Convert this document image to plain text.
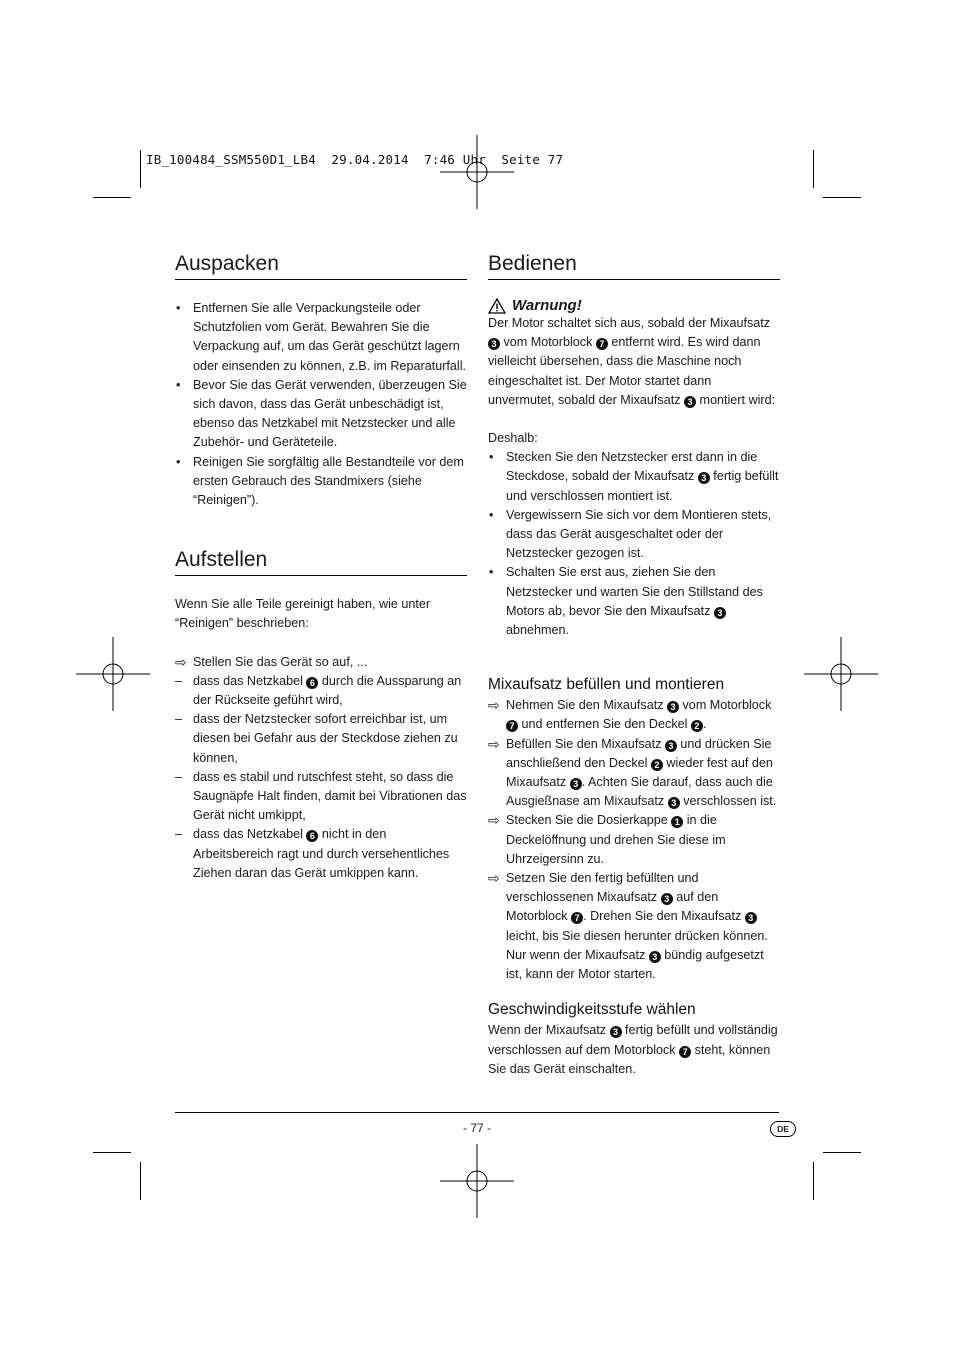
IB_100484_SSM550D1_LB4  29.04.2014  7:46 Uhr  Seite 77
Auspacken
• Entfernen Sie alle Verpackungsteile oder Schutzfolien vom Gerät. Bewahren Sie die Verpackung auf, um das Gerät geschützt lagern oder einsenden zu können, z.B. im Reparaturfall.
• Bevor Sie das Gerät verwenden, überzeugen Sie sich davon, dass das Gerät unbeschädigt ist, ebenso das Netzkabel mit Netzstecker und alle Zubehör- und Geräteteile.
• Reinigen Sie sorgfältig alle Bestandteile vor dem ersten Gebrauch des Standmixers (siehe “Reinigen”).
Aufstellen

Wenn Sie alle Teile gereinigt haben, wie unter “Reinigen” beschrieben:

⇨ Stellen Sie das Gerät so auf, ...

– dass das Netzkabel 6 durch die Aussparung an der Rückseite geführt wird,
– dass der Netzstecker sofort erreichbar ist, um diesen bei Gefahr aus der Steckdose ziehen zu können,
– dass es stabil und rutschfest steht, so dass die Saugnäpfe Halt finden, damit bei Vibrationen das Gerät nicht umkippt,
– dass das Netzkabel 6 nicht in den Arbeitsbereich ragt und durch versehentliches Ziehen daran das Gerät umkippen kann.
Bedienen
Warnung!

Der Motor schaltet sich aus, sobald der Mixaufsatz 3 vom Motorblock 7 entfernt wird. Es wird dann vielleicht übersehen, dass die Maschine noch eingeschaltet ist. Der Motor startet dann unvermutet, sobald der Mixaufsatz 3 montiert wird:

Deshalb:

• Stecken Sie den Netzstecker erst dann in die Steckdose, sobald der Mixaufsatz 3 fertig befüllt und verschlossen montiert ist.
• Vergewissern Sie sich vor dem Montieren stets, dass das Gerät ausgeschaltet oder der Netzstecker gezogen ist.
• Schalten Sie erst aus, ziehen Sie den Netzstecker und warten Sie den Stillstand des Motors ab, bevor Sie den Mixaufsatz 3 abnehmen.
Mixaufsatz befüllen und montieren
⇨ Nehmen Sie den Mixaufsatz 3 vom Motorblock 7 und entfernen Sie den Deckel 2 .
⇨ Befüllen Sie den Mixaufsatz 3 und drücken Sie anschließend den Deckel 2 wieder fest auf den Mixaufsatz 3 . Achten Sie darauf, dass auch die Ausgießnase am Mixaufsatz 3 verschlossen ist.
⇨ Stecken Sie die Dosierkappe 1 in die Deckelöffnung und drehen Sie diese im Uhrzeigersinn zu.
⇨ Setzen Sie den fertig befüllten und verschlossenen Mixaufsatz 3 auf den Motorblock 7 . Drehen Sie den Mixaufsatz 3 leicht, bis Sie diesen herunter drücken können. Nur wenn der Mixaufsatz 3 bündig aufgesetzt ist, kann der Motor starten.
Geschwindigkeitsstufe wählen

Wenn der Mixaufsatz 3 fertig befüllt und vollständig verschlossen auf dem Motorblock 7 steht, können Sie das Gerät einschalten.

- 77 -	DE
